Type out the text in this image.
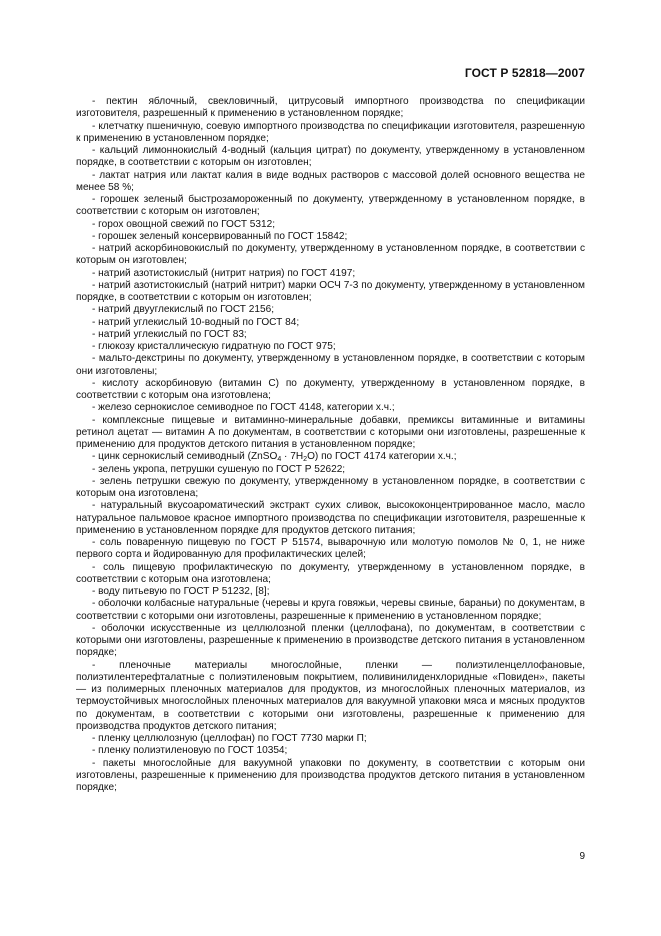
ГОСТ Р 52818—2007

- пектин яблочный, свекловичный, цитрусовый импортного производства по спецификации изготовителя, разрешенный к применению в установленном порядке;

- клетчатку пшеничную, соевую импортного производства по спецификации изготовителя, разрешенную к применению в установленном порядке;

- кальций лимоннокислый 4-водный (кальция цитрат) по документу, утвержденному в установленном порядке, в соответствии с которым он изготовлен;

- лактат натрия или лактат калия в виде водных растворов с массовой долей основного вещества не менее 58 %;

- горошек зеленый быстрозамороженный по документу, утвержденному в установленном порядке, в соответствии с которым он изготовлен;

- горох овощной свежий по ГОСТ 5312;

- горошек зеленый консервированный по ГОСТ 15842;

- натрий аскорбиновокислый по документу, утвержденному в установленном порядке, в соответствии с которым он изготовлен;

- натрий азотистокислый (нитрит натрия) по ГОСТ 4197;

- натрий азотистокислый (натрий нитрит) марки ОСЧ 7-3 по документу, утвержденному в установленном порядке, в соответствии с которым он изготовлен;

- натрий двууглекислый по ГОСТ 2156;

- натрий углекислый 10-водный по ГОСТ 84;

- натрий углекислый по ГОСТ 83;

- глюкозу кристаллическую гидратную по ГОСТ 975;

- мальто-декстрины по документу, утвержденному в установленном порядке, в соответствии с которым они изготовлены;

- кислоту аскорбиновую (витамин С) по документу, утвержденному в установленном порядке, в соответствии с которым она изготовлена;

- железо сернокислое семиводное по ГОСТ 4148, категории х.ч.;

- комплексные пищевые и витаминно-минеральные добавки, премиксы витаминные и витамины ретинол ацетат — витамин А по документам, в соответствии с которыми они изготовлены, разрешенные к применению для продуктов детского питания в установленном порядке;

- цинк сернокислый семиводный (ZnSO$_4$ · $7H_2O$) по ГОСТ 4174 категории х.ч.;

- зелень укропа, петрушки сушеную по ГОСТ Р 52622;

- зелень петрушки свежую по документу, утвержденному в установленном порядке, в соответствии с которым она изготовлена;

- натуральный вкусоароматический экстракт сухих сливок, высококонцентрированное масло, масло натуральное пальмовое красное импортного производства по спецификации изготовителя, разрешенные к применению в установленном порядке для продуктов детского питания;

- соль поваренную пищевую по ГОСТ Р 51574, выварочную или молотую помолов № 0, 1, не ниже первого сорта и йодированную для профилактических целей;

- соль пищевую профилактическую по документу, утвержденному в установленном порядке, в соответствии с которым она изготовлена;

- воду питьевую по ГОСТ Р 51232, [8];

- оболочки колбасные натуральные (черевы и круга говяжьи, черевы свиные, бараньи) по документам, в соответствии с которыми они изготовлены, разрешенные к применению в установленном порядке;

- оболочки искусственные из целлюлозной пленки (целлофана), по документам, в соответствии с которыми они изготовлены, разрешенные к применению в производстве детского питания в установленном порядке;

- пленочные материалы многослойные, пленки — полиэтиленцеллофановые, полиэтилентерефталатные с полиэтиленовым покрытием, поливинилиденхлоридные «Повиден», пакеты — из полимерных пленочных материалов для продуктов, из многослойных пленочных материалов, из термоустойчивых многослойных пленочных материалов для вакуумной упаковки мяса и мясных продуктов по документам, в соответствии с которыми они изготовлены, разрешенные к применению для производства продуктов детского питания;

- пленку целлюлозную (целлофан) по ГОСТ 7730 марки П;

- пленку полиэтиленовую по ГОСТ 10354;

- пакеты многослойные для вакуумной упаковки по документу, в соответствии с которым они изготовлены, разрешенные к применению для производства продуктов детского питания в установленном порядке;

9
